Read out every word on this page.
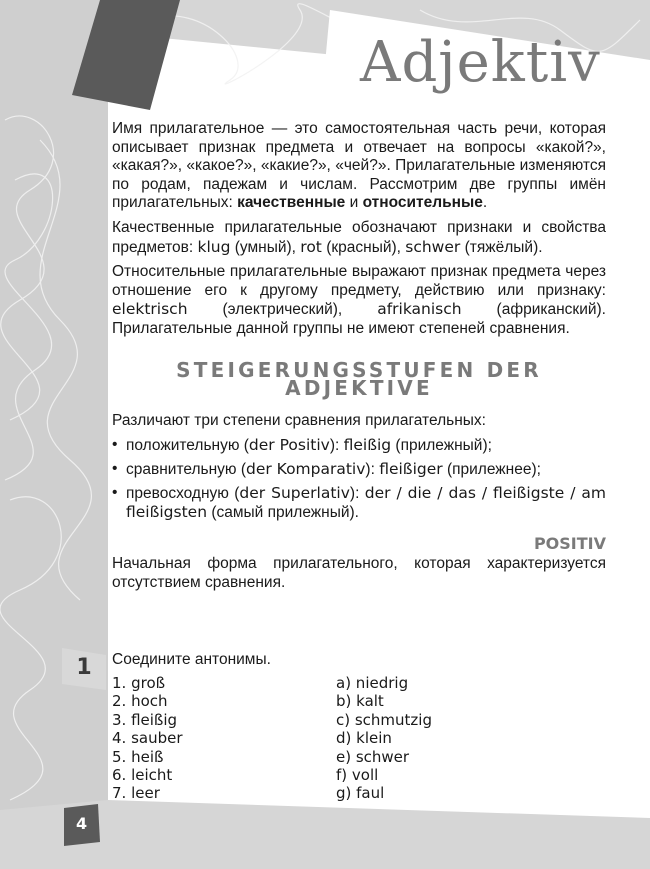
Adjektiv

Имя прилагательное — это самостоятельная часть речи, которая описывает признак предмета и отвечает на вопросы «какой?», «какая?», «какое?», «какие?», «чей?». Прилагательные изменяются по родам, падежам и числам. Рассмотрим две группы имён прилагательных: качественные и относительные.

Качественные прилагательные обозначают признаки и свойства предметов: klug (умный), rot (красный), schwer (тяжёлый).

Относительные прилагательные выражают признак предмета через отношение его к другому предмету, действию или признаку: elektrisch (электрический), afrikanisch (африканский). Прилагательные данной группы не имеют степеней сравнения.

STEIGERUNGSSTUFEN DER ADJEKTIVE

Различают три степени сравнения прилагательных:

• положительную (der Positiv): fleißig (прилежный);
• сравнительную (der Komparativ): fleißiger (прилежнее);
• превосходную (der Superlativ): der / die / das / fleißigste / am fleißigsten (самый прилежный).
POSITIV

Начальная форма прилагательного, которая характеризуется отсутствием сравнения.

1	Соедините антонимы.
1. groß
2. hoch
3. fleißig
4. sauber
5. heiß
6. leicht
7. leer
a) niedrig
b) kalt
c) schmutzig
d) klein
e) schwer
f) voll
g) faul
4
